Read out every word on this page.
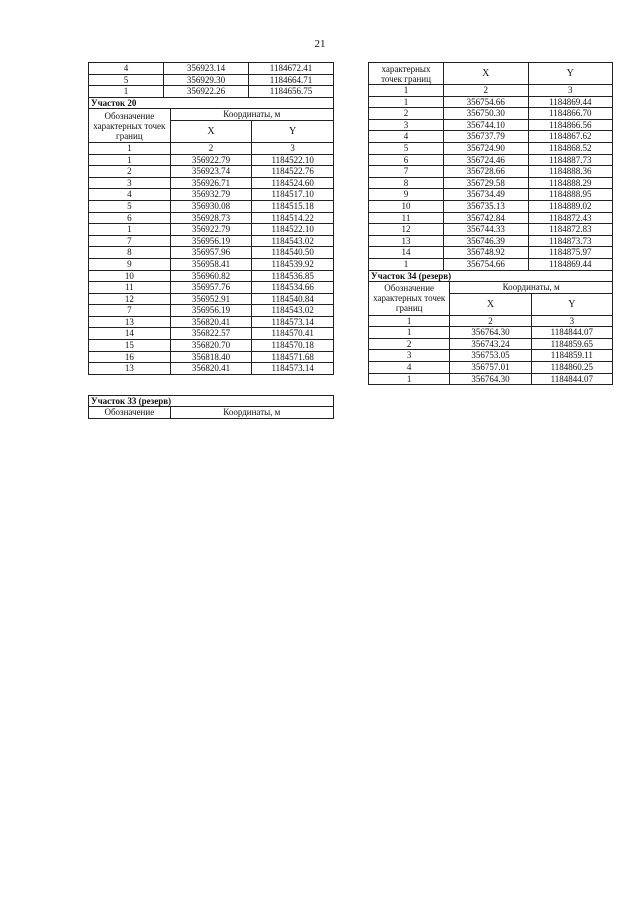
21
4	356923.14	1184672.41
5	356929.30	1184664.71
1	356922.26	1184656.75
Участок 20		
Обозначение характерных точек границ	Координаты, м	
	X	Y
1	2	3
1	356922.79	1184522.10
2	356923.74	1184522.76
3	356926.71	1184524.60
4	356932.79	1184517.10
5	356930.08	1184515.18
6	356928.73	1184514.22
1	356922.79	1184522.10
7	356956.19	1184543.02
8	356957.96	1184540.50
9	356958.41	1184539.92
10	356960.82	1184536.85
11	356957.76	1184534.66
12	356952.91	1184540.84
7	356956.19	1184543.02
13	356820.41	1184573.14
14	356822.57	1184570.41
15	356820.70	1184570.18
16	356818.40	1184571.68
13	356820.41	1184573.14
Участок 33 (резерв)
Обозначение	Координаты, м
характерных точек границ	X	Y
1	2	3
1	356754.66	1184869.44
2	356750.30	1184866.70
3	356744.10	1184866.56
4	356737.79	1184867.62
5	356724.90	1184868.52
6	356724.46	1184887.73
7	356728.66	1184888.36
8	356729.58	1184888.29
9	356734.49	1184888.95
10	356735.13	1184889.02
11	356742.84	1184872.43
12	356744.33	1184872.83
13	356746.39	1184873.73
14	356748.92	1184875.97
1	356754.66	1184869.44
Участок 34 (резерв)		
Обозначение характерных точек границ	Координаты, м	
	X	Y
1	2	3
1	356764.30	1184844.07
2	356743.24	1184859.65
3	356753.05	1184859.11
4	356757.01	1184860.25
1	356764.30	1184844.07
